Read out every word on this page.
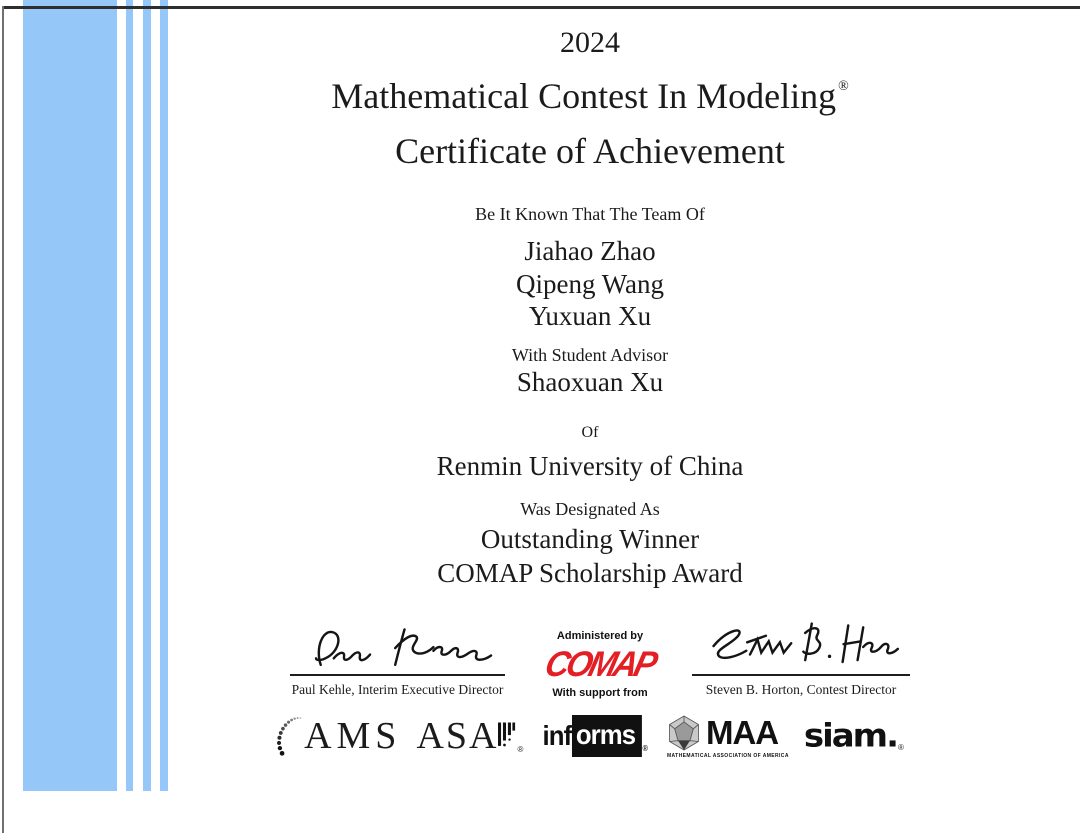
2024
Mathematical Contest In Modeling ®
Certificate of Achievement
Be It Known That The Team Of
Jiahao Zhao
Qipeng Wang
Yuxuan Xu
With Student Advisor
Shaoxuan Xu
Of
Renmin University of China
Was Designated As
Outstanding Winner
COMAP Scholarship Award
Paul Kehle, Interim Executive Director
Administered by
COMAP
With support from	Steven B. Horton, Contest Director
AMS ASA ® inf orms ® MAA
MATHEMATICAL ASSOCIATION OF AMERICA
siam. ®
